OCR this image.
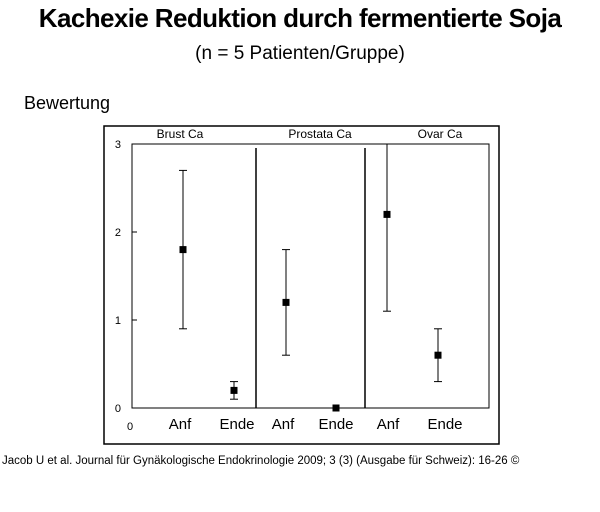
Kachexie Reduktion durch fermentierte Soja
(n = 5 Patienten/Gruppe)
Bewertung
0
1
2
3
0
Brust Ca	Prostata Ca	Ovar Ca
Anf Ende Anf Ende Anf Ende
Jacob U et al. Journal für Gynäkologische Endokrinologie 2009; 3 (3) (Ausgabe für Schweiz): 16-26 ©
